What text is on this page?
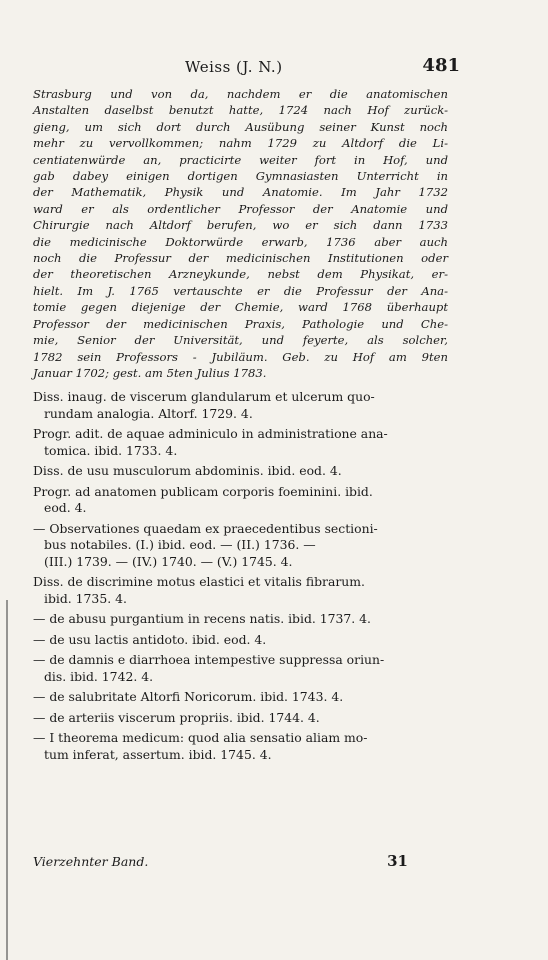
Weiss (J. N.)	481

Strasburg und von da, nachdem er die anatomischen
Anstalten daselbst benutzt hatte, 1724 nach Hof zurück-
gieng, um sich dort durch Ausübung seiner Kunst noch
mehr zu vervollkommen; nahm 1729 zu Altdorf die Li-
centiatenwürde an, practicirte weiter fort in Hof, und
gab dabey einigen dortigen Gymnasiasten Unterricht in
der Mathematik, Physik und Anatomie. Im Jahr 1732
ward er als ordentlicher Professor der Anatomie und
Chirurgie nach Altdorf berufen, wo er sich dann 1733
die medicinische Doktorwürde erwarb, 1736 aber auch
noch die Professur der medicinischen Institutionen oder
der theoretischen Arzneykunde, nebst dem Physikat, er-
hielt. Im J. 1765 vertauschte er die Professur der Ana-
tomie gegen diejenige der Chemie, ward 1768 überhaupt
Professor der medicinischen Praxis, Pathologie und Che-
mie, Senior der Universität, und feyerte, als solcher,
1782 sein Professors - Jubiläum. Geb. zu Hof am 9ten
Januar 1702; gest. am 5ten Julius 1783.

Diss. inaug. de viscerum glandularum et ulcerum quo-
rundam analogia. Altorf. 1729. 4.
Progr. adit. de aquae adminiculo in administratione ana-
tomica. ibid. 1733. 4.
Diss. de usu musculorum abdominis. ibid. eod. 4.
Progr. ad anatomen publicam corporis foeminini. ibid.
eod. 4.
— Observationes quaedam ex praecedentibus sectioni-
bus notabiles. (I.) ibid. eod. — (II.) 1736. —
(III.) 1739. — (IV.) 1740. — (V.) 1745. 4.
Diss. de discrimine motus elastici et vitalis fibrarum.
ibid. 1735. 4.
— de abusu purgantium in recens natis. ibid. 1737. 4.
— de usu lactis antidoto. ibid. eod. 4.
— de damnis e diarrhoea intempestive suppressa oriun-
dis. ibid. 1742. 4.
— de salubritate Altorfi Noricorum. ibid. 1743. 4.
— de arteriis viscerum propriis. ibid. 1744. 4.
— I theorema medicum: quod alia sensatio aliam mo-
tum inferat, assertum. ibid. 1745. 4.
Vierzehnter Band.	31
